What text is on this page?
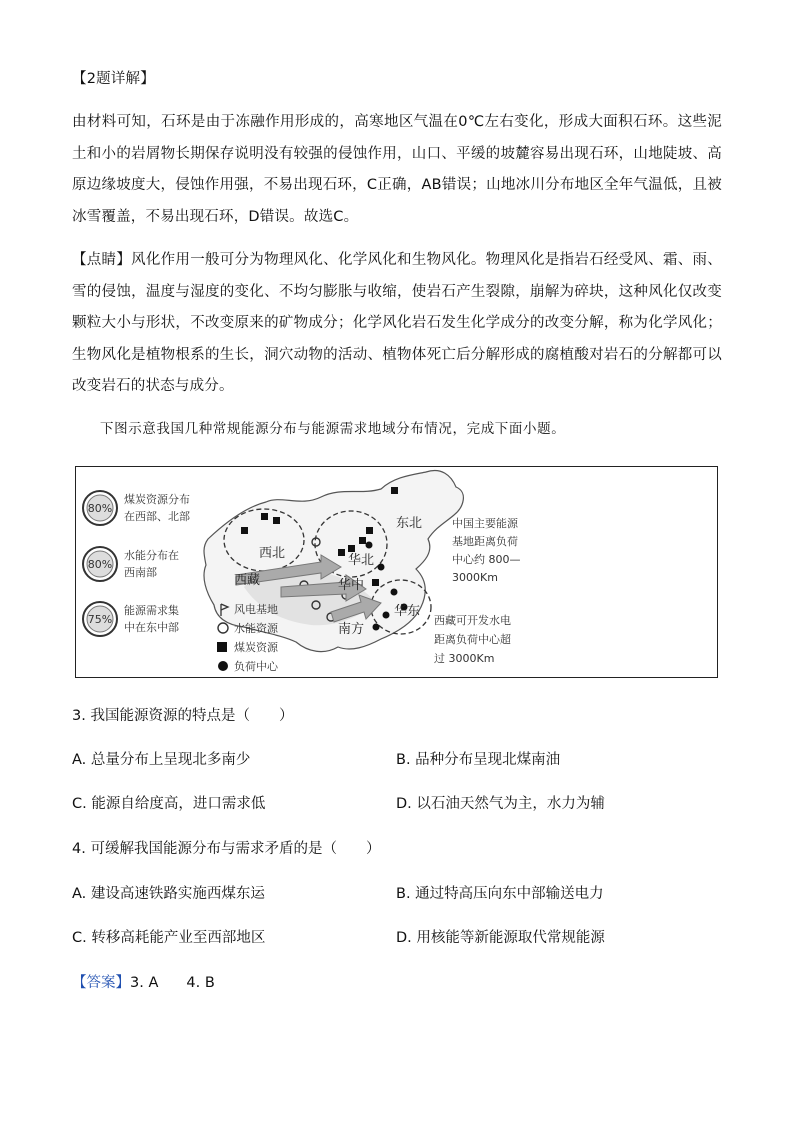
【2题详解】
由材料可知，石环是由于冻融作用形成的，高寒地区气温在0℃左右变化，形成大面积石环。这些泥土和小的岩屑物长期保存说明没有较强的侵蚀作用，山口、平缓的坡麓容易出现石环，山地陡坡、高原边缘坡度大，侵蚀作用强，不易出现石环，C正确，AB错误；山地冰川分布地区全年气温低，且被冰雪覆盖，不易出现石环，D错误。故选C。
【点睛】风化作用一般可分为物理风化、化学风化和生物风化。物理风化是指岩石经受风、霜、雨、雪的侵蚀，温度与湿度的变化、不均匀膨胀与收缩，使岩石产生裂隙，崩解为碎块，这种风化仅改变颗粒大小与形状，不改变原来的矿物成分；化学风化岩石发生化学成分的改变分解，称为化学风化；生物风化是植物根系的生长，洞穴动物的活动、植物体死亡后分解形成的腐植酸对岩石的分解都可以改变岩石的状态与成分。
下图示意我国几种常规能源分布与能源需求地域分布情况，完成下面小题。
80%
煤炭资源分布
在西部、北部
80%
水能分布在
西南部
75%
能源需求集
中在东中部
西北
西藏
东北
华北
华中
华东
南方
风电基地
水能资源
煤炭资源
负荷中心
中国主要能源
基地距离负荷
中心约 800—
3000Km
西藏可开发水电
距离负荷中心超
过 3000Km
3. 我国能源资源的特点是（　　）
A. 总量分布上呈现北多南少	B. 品种分布呈现北煤南油
C. 能源自给度高，进口需求低	D. 以石油天然气为主，水力为辅
4. 可缓解我国能源分布与需求矛盾的是（　　）
A. 建设高速铁路实施西煤东运	B. 通过特高压向东中部输送电力
C. 转移高耗能产业至西部地区	D. 用核能等新能源取代常规能源
【答案】3. A 4. B
